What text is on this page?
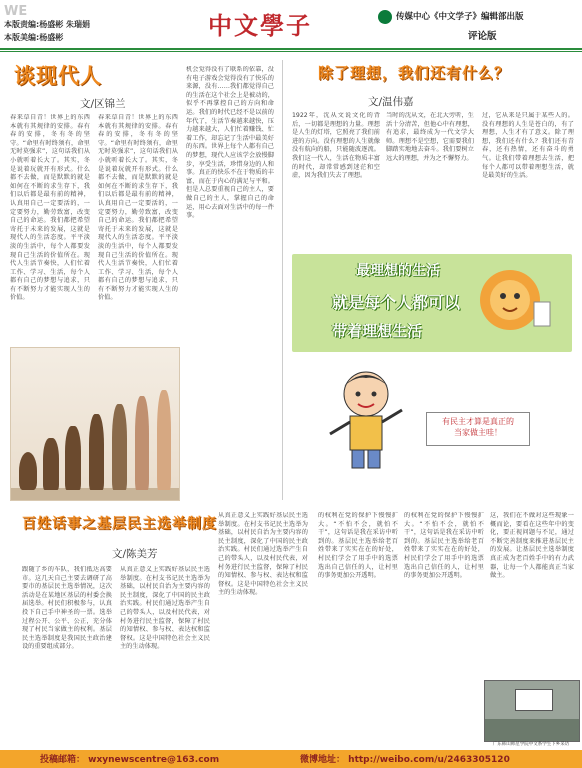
WE
本版责编:杨盛彬 朱瑞娟
本版美编:杨盛彬	中文學子	传媒中心《中文学子》编辑部出版
评论版
谈现代人
文/区锦兰
春来草自青！世界上的东西本就有其规律的安排。春有春的安排，冬有冬的坚守。“命里有时终须有，命里无时莫强求”，这句话我们从小就听着长大了。其实，冬是说着玩就开有形式。什么都不去做，而是默默的就是如何在不断的求生存下，我们以后都是最有前的精神，认真用自己一定要活的，一定要努力，勤劳致富，改变自己的命运。我们都把希望寄托于未来的发展，这就是现代人的生活态度。平平淡淡的生活中，每个人都要发现自己生活的价值所在。现代人生活节奏快，人们忙着工作、学习、生活，每个人都有自己的梦想与追求，只有不断努力才能实现人生的价值。
春来草自青！世界上的东西本就有其规律的安排。春有春的安排，冬有冬的坚守。“命里有时终须有，命里无时莫强求”，这句话我们从小就听着长大了。其实，冬是说着玩就开有形式。什么都不去做，而是默默的就是如何在不断的求生存下，我们以后都是最有前的精神，认真用自己一定要活的，一定要努力，勤劳致富，改变自己的命运。我们都把希望寄托于未来的发展，这就是现代人的生活态度。平平淡淡的生活中，每个人都要发现自己生活的价值所在。现代人生活节奏快，人们忙着工作、学习、生活，每个人都有自己的梦想与追求，只有不断努力才能实现人生的价值。
机会觉得没有了联系的依靠，没有电子游戏会觉得没有了快乐的来源，没有……我们都觉得自己的生活在这个社会上是被动的，似乎不再掌控自己的方向和命运。我们的时代已经不是以前的年代了，生活节奏越来越快，压力越来越大，人们忙着赚钱、忙着工作，却忘记了生活中最美好的东西。世界上每个人都有自己的梦想，现代人应该学会放慢脚步，享受生活，珍惜身边的人和事。真正的快乐不在于物质的丰富，而在于内心的满足与平和。但是人总要重视自己的主人，要做自己的主人，掌握自己的命运，用心去面对生活中的每一件事。
除了理想，我们还有什么？
文/温伟嘉
1922年，沈从文说文化的背后，一切都是理想的力量。理想是人生的灯塔，它照亮了我们前进的方向。没有理想的人生就像没有航向的船，只能随波逐流。我们这一代人，生活在物质丰富的时代，却常常感到迷茫和空虚，因为我们失去了理想。
当时的沈从文，在北大旁听，生活十分清苦，但他心中有理想，有追求，最终成为一代文学大师。理想不是空想，它需要我们脚踏实地地去奋斗。我们要树立远大的理想，并为之不懈努力。
过，它从来是只属于某些人的。没有理想的人生是苍白的，有了理想，人生才有了意义。除了理想，我们还有什么？我们还有青春，还有热情，还有奋斗的勇气。让我们带着理想去生活，把每个人都可以带着理想生活，就是最美好的生活。
最理想的生活
就是每个人都可以
带着理想生活
有民主才算是真正的
当家做主哇！
百姓话事之基层民主选举制度
文/陈美芳
跟随了乡的车队，我们抵达高要市。这几天自己主要去调研了高要市的基层民主选举情况，这次活动是在某地区基层的村委会换届选举。村民们积极参与，认真投下自己手中神圣的一票。选举过程公开、公平、公正，充分体现了村民当家做主的权利。基层民主选举制度是我国民主政治建设的重要组成部分。
从真正意义上实践好基层民主选举制度。在村支书记民主选举为基础，以村民自治为主要内容的民主制度，深化了中国的民主政治实践。村民们通过选举产生自己的带头人，以及村民代表，对村务进行民主监督，保障了村民的知情权、参与权、表达权和监督权。这是中国特色社会主义民主的生动体现。
从真正意义上实践好基层民主选举制度。在村支书记民主选举为基础，以村民自治为主要内容的民主制度，深化了中国的民主政治实践。村民们通过选举产生自己的带头人，以及村民代表，对村务进行民主监督，保障了村民的知情权、参与权、表达权和监督权。这是中国特色社会主义民主的生动体现。
的权利在党的保护下慢慢扩大。“不怕不会，就怕不干”，这句话是我在采访中听到的。基层民主选举给老百姓带来了实实在在的好处，村民们学会了用手中的选票选出自己信任的人，让村里的事务更加公开透明。
的权利在党的保护下慢慢扩大。“不怕不会，就怕不干”，这句话是我在采访中听到的。基层民主选举给老百姓带来了实实在在的好处，村民们学会了用手中的选票选出自己信任的人，让村里的事务更加公开透明。
这，我们在不做对这些现象一概而论，要看在这些年中的变化，要正视问题与不足，通过不断完善制度来推进基层民主的发展。让基层民主选举制度真正成为老百姓手中的有力武器，让每一个人都能真正当家做主。
广东韩山师范学院中文系学生下乡采访
投稿邮箱： wxynewscentre@163.com	微博地址： http://weibo.com/u/2463305120
